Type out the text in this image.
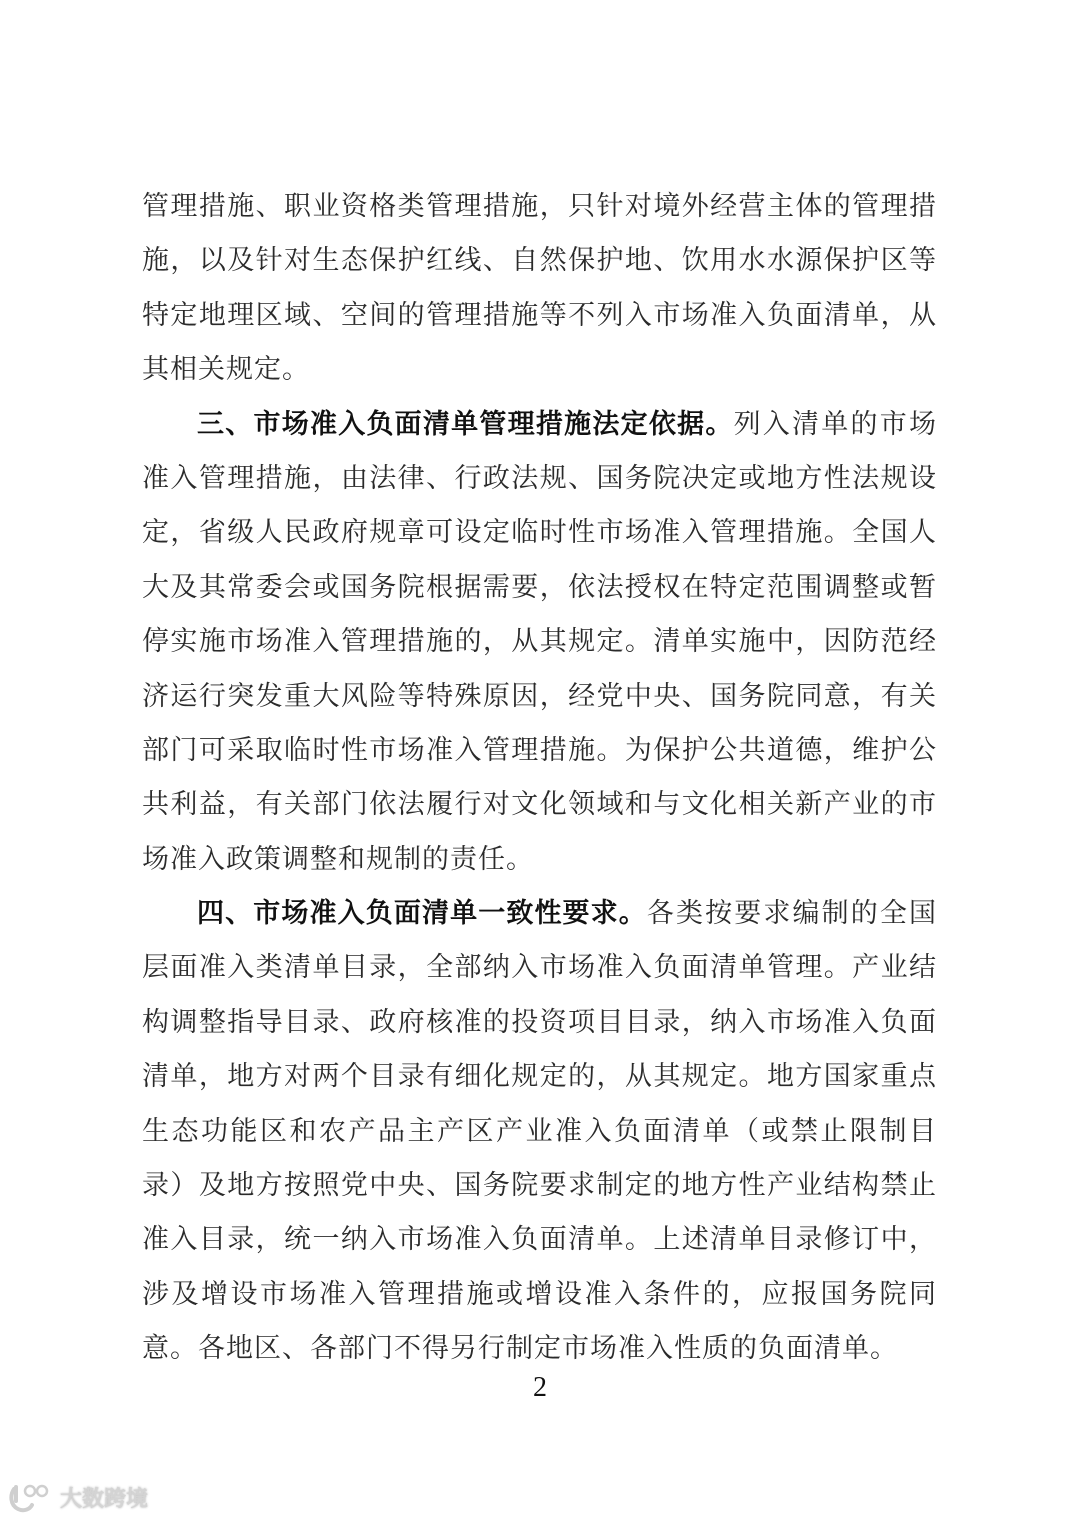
管理措施、职业资格类管理措施，只针对境外经营主体的管理措
施，以及针对生态保护红线、自然保护地、饮用水水源保护区等
特定地理区域、空间的管理措施等不列入市场准入负面清单，从
其相关规定。
三、市场准入负面清单管理措施法定依据。列入清单的市场
准入管理措施，由法律、行政法规、国务院决定或地方性法规设
定，省级人民政府规章可设定临时性市场准入管理措施。全国人
大及其常委会或国务院根据需要，依法授权在特定范围调整或暂
停实施市场准入管理措施的，从其规定。清单实施中，因防范经
济运行突发重大风险等特殊原因，经党中央、国务院同意，有关
部门可采取临时性市场准入管理措施。为保护公共道德，维护公
共利益，有关部门依法履行对文化领域和与文化相关新产业的市
场准入政策调整和规制的责任。
四、市场准入负面清单一致性要求。各类按要求编制的全国
层面准入类清单目录，全部纳入市场准入负面清单管理。产业结
构调整指导目录、政府核准的投资项目目录，纳入市场准入负面
清单，地方对两个目录有细化规定的，从其规定。地方国家重点
生态功能区和农产品主产区产业准入负面清单（或禁止限制目
录）及地方按照党中央、国务院要求制定的地方性产业结构禁止
准入目录，统一纳入市场准入负面清单。上述清单目录修订中，
涉及增设市场准入管理措施或增设准入条件的，应报国务院同
意。各地区、各部门不得另行制定市场准入性质的负面清单。
2
大数跨境
